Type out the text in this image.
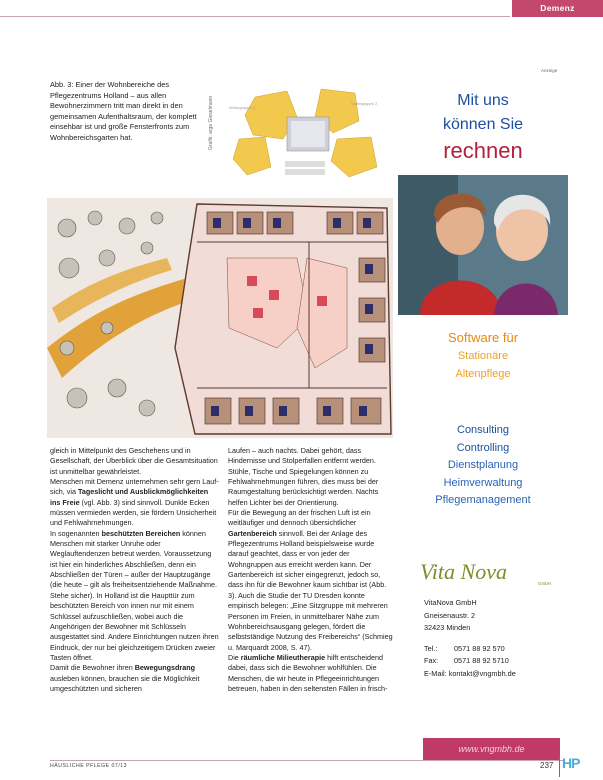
Demenz
Abb. 3: Einer der Wohnbereiche des Pflegezentrums Holland – aus allen Bewohnerzimmern tritt man direkt in den gemeinsamen Aufenthaltsraum, der komplett einsehbar ist und große Fensterfronts zum Wohnbereichsgarten hat.	Grafik: arge Gieselmann	Wohngruppe 1
Wohngruppe 2

gleich in Mittelpunkt des Geschehens und in Gesellschaft, der Überblick über die Gesamtsituation ist unmittelbar gewährleistet.

Menschen mit Demenz unternehmen sehr gern Lauf- sich, via Tageslicht und Ausblickmöglichkeiten ins Freie (vgl. Abb. 3) sind sinnvoll. Dunkle Ecken müssen vermieden werden, sie fördern Unsicherheit und Fehlwahrnehmungen.

In sogenannten beschützten Bereichen können Menschen mit starker Unruhe oder Weglauftendenzen betreut werden. Voraussetzung ist hier ein hinderliches Abschließen, denn ein Abschließen der Türen – außer der Hauptzugänge (die heute – gilt als freiheitsentziehende Maßnahme. Stehe sicher). In Holland ist die Haupttür zum beschützten Bereich von innen nur mit einem Schlüssel aufzuschließen, wobei auch die Angehörigen der Bewohner mit Schlüsseln ausgestattet sind. Andere Einrichtungen nutzen ihren Eindruck, der nur bei gleichzeitigem Drücken zweier Tasten öffnet.

Damit die Bewohner ihren Bewegungsdrang ausleben können, brauchen sie die Möglichkeit umgeschützten und sicheren

Laufen – auch nachts. Dabei gehört, dass Hindernisse und Stolperfallen entfernt werden. Stühle, Tische und Spiegelungen können zu Fehlwahrnehmungen führen, dies muss bei der Raumgestaltung berücksichtigt werden. Nachts helfen Lichter bei der Orientierung.

Für die Bewegung an der frischen Luft ist ein weitläufiger und dennoch übersichtlicher Gartenbereich sinnvoll. Bei der Anlage des Pflegezentrums Holland beispielsweise wurde darauf geachtet, dass er von jeder der Wohngruppen aus erreicht werden kann. Der Gartenbereich ist sicher eingegrenzt, jedoch so, dass ihn für die Bewohner kaum sichtbar ist (Abb. 3). Auch die Studie der TU Dresden konnte empirisch belegen: „Eine Sitzgruppe mit mehreren Personen im Freien, in unmittelbarer Nähe zum Wohnbereichsausgang gelegen, fördert die selbstständige Nutzung des Freibereichs“ (Schmieg u. Marquardt 2008, S. 47).

Die räumliche Milieutherapie hilft entscheidend dabei, dass sich die Bewohner wohlfühlen. Die Menschen, die wir heute in Pflegeeinrichtungen betreuen, haben in den seltensten Fällen in frisch-

Anzeige
Mit uns
können Sie
rechnen
Software für
Stationäre
Altenpflege
Consulting
Controlling
Dienstplanung
Heimverwaltung
Pflegemanagement
Vita Nova	GmbH
VitaNova GmbH
Gneisenaustr. 2
32423 Minden
Tel.:	0571 88 92 570
Fax:	0571 88 92 5710
E-Mail: kontakt@vngmbh.de
www.vngmbh.de
HÄUSLICHE PFLEGE 07/13	237 HP
